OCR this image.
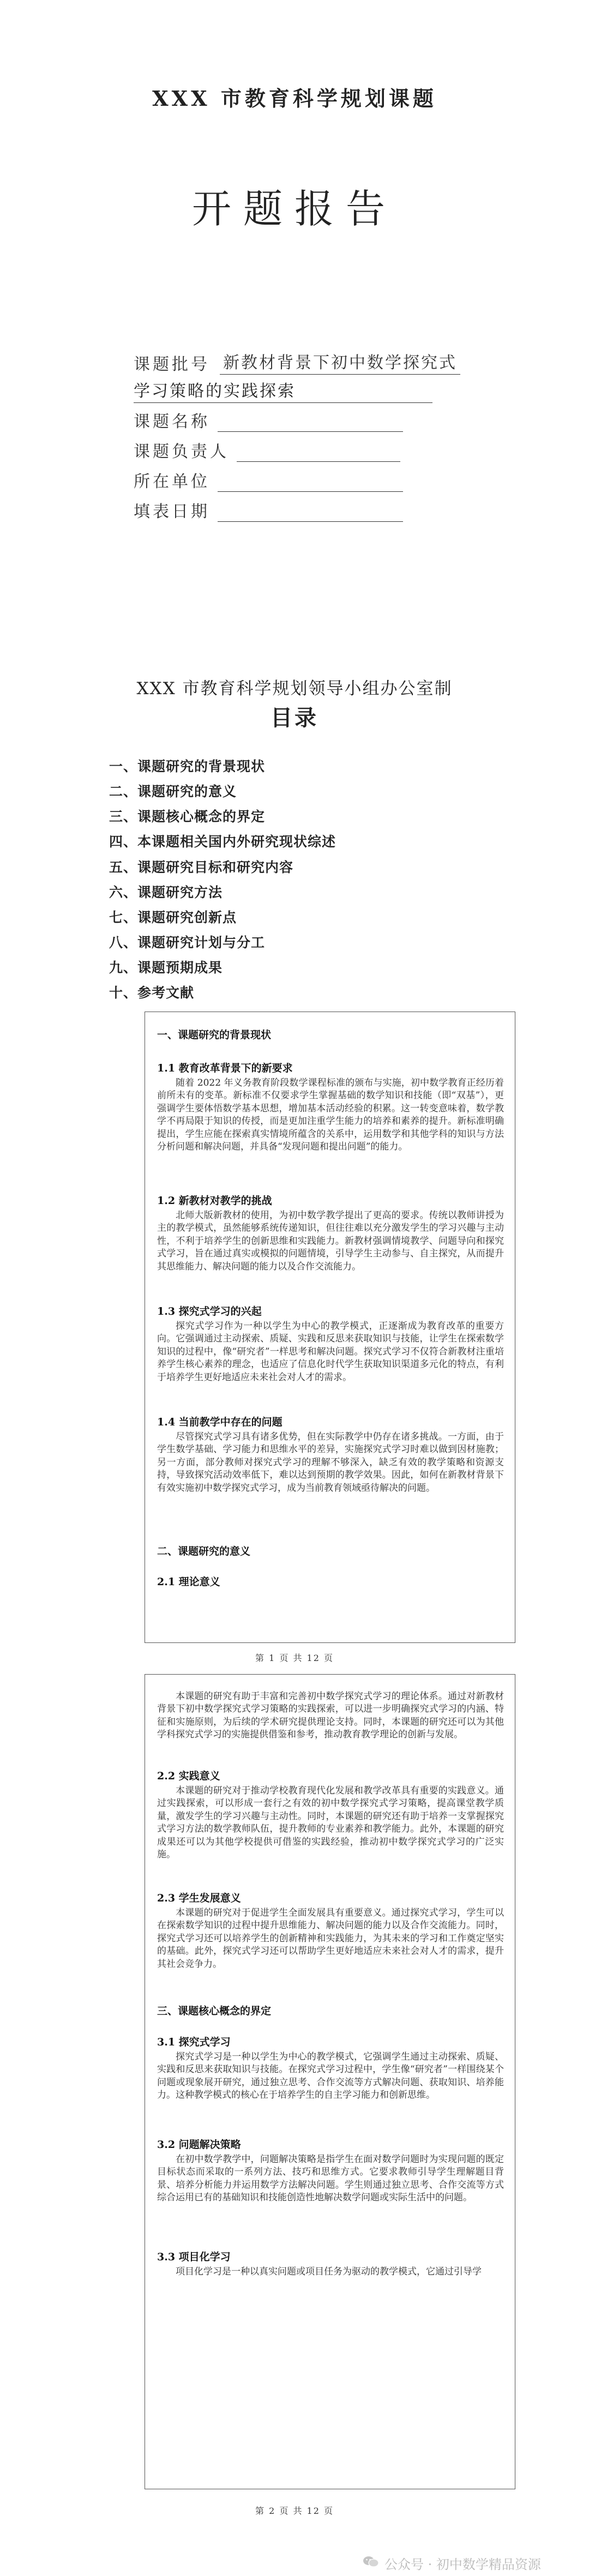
XXX 市教育科学规划课题
开题报告
课题批号 新教材背景下初中数学探究式
学习策略的实践探索
课题名称
课题负责人
所在单位
填表日期
XXX 市教育科学规划领导小组办公室制
目录
一、课题研究的背景现状
二、课题研究的意义
三、课题核心概念的界定
四、本课题相关国内外研究现状综述
五、课题研究目标和研究内容
六、课题研究方法
七、课题研究创新点
八、课题研究计划与分工
九、课题预期成果
十、参考文献
一、课题研究的背景现状
1.1 教育改革背景下的新要求
随着 2022 年义务教育阶段数学课程标准的颁布与实施，初中数学教育正经历着前所未有的变革。新标准不仅要求学生掌握基础的数学知识和技能（即“双基”），更强调学生要体悟数学基本思想，增加基本活动经验的积累。这一转变意味着，数学教学不再局限于知识的传授，而是更加注重学生能力的培养和素养的提升。新标准明确提出，学生应能在探索真实情境所蕴含的关系中，运用数学和其他学科的知识与方法分析问题和解决问题，并具备“发现问题和提出问题”的能力。
1.2 新教材对教学的挑战
北师大版新教材的使用，为初中数学教学提出了更高的要求。传统以教师讲授为主的教学模式，虽然能够系统传递知识，但往往难以充分激发学生的学习兴趣与主动性，不利于培养学生的创新思维和实践能力。新教材强调情境教学、问题导向和探究式学习，旨在通过真实或模拟的问题情境，引导学生主动参与、自主探究，从而提升其思维能力、解决问题的能力以及合作交流能力。
1.3 探究式学习的兴起
探究式学习作为一种以学生为中心的教学模式，正逐渐成为教育改革的重要方向。它强调通过主动探索、质疑、实践和反思来获取知识与技能，让学生在探索数学知识的过程中，像“研究者”一样思考和解决问题。探究式学习不仅符合新教材注重培养学生核心素养的理念，也适应了信息化时代学生获取知识渠道多元化的特点，有利于培养学生更好地适应未来社会对人才的需求。
1.4 当前教学中存在的问题
尽管探究式学习具有诸多优势，但在实际教学中仍存在诸多挑战。一方面，由于学生数学基础、学习能力和思维水平的差异，实施探究式学习时难以做到因材施教；另一方面，部分教师对探究式学习的理解不够深入，缺乏有效的教学策略和资源支持，导致探究活动效率低下，难以达到预期的教学效果。因此，如何在新教材背景下有效实施初中数学探究式学习，成为当前教育领域亟待解决的问题。
二、课题研究的意义
2.1 理论意义
第 1 页 共 12 页
本课题的研究有助于丰富和完善初中数学探究式学习的理论体系。通过对新教材背景下初中数学探究式学习策略的实践探索，可以进一步明确探究式学习的内涵、特征和实施原则，为后续的学术研究提供理论支持。同时，本课题的研究还可以为其他学科探究式学习的实施提供借鉴和参考，推动教育教学理论的创新与发展。
2.2 实践意义
本课题的研究对于推动学校教育现代化发展和教学改革具有重要的实践意义。通过实践探索，可以形成一套行之有效的初中数学探究式学习策略，提高课堂教学质量，激发学生的学习兴趣与主动性。同时，本课题的研究还有助于培养一支掌握探究式学习方法的数学教师队伍，提升教师的专业素养和教学能力。此外，本课题的研究成果还可以为其他学校提供可借鉴的实践经验，推动初中数学探究式学习的广泛实施。
2.3 学生发展意义
本课题的研究对于促进学生全面发展具有重要意义。通过探究式学习，学生可以在探索数学知识的过程中提升思维能力、解决问题的能力以及合作交流能力。同时，探究式学习还可以培养学生的创新精神和实践能力，为其未来的学习和工作奠定坚实的基础。此外，探究式学习还可以帮助学生更好地适应未来社会对人才的需求，提升其社会竞争力。
三、课题核心概念的界定
3.1 探究式学习
探究式学习是一种以学生为中心的教学模式，它强调学生通过主动探索、质疑、实践和反思来获取知识与技能。在探究式学习过程中，学生像“研究者”一样围绕某个问题或现象展开研究，通过独立思考、合作交流等方式解决问题、获取知识、培养能力。这种教学模式的核心在于培养学生的自主学习能力和创新思维。
3.2 问题解决策略
在初中数学教学中，问题解决策略是指学生在面对数学问题时为实现问题的既定目标状态而采取的一系列方法、技巧和思维方式。它要求教师引导学生理解题目背景、培养分析能力并运用数学方法解决问题。学生则通过独立思考、合作交流等方式综合运用已有的基础知识和技能创造性地解决数学问题或实际生活中的问题。
3.3 项目化学习
项目化学习是一种以真实问题或项目任务为驱动的教学模式，它通过引导学
第 2 页 共 12 页
公众号 · 初中数学精品资源
